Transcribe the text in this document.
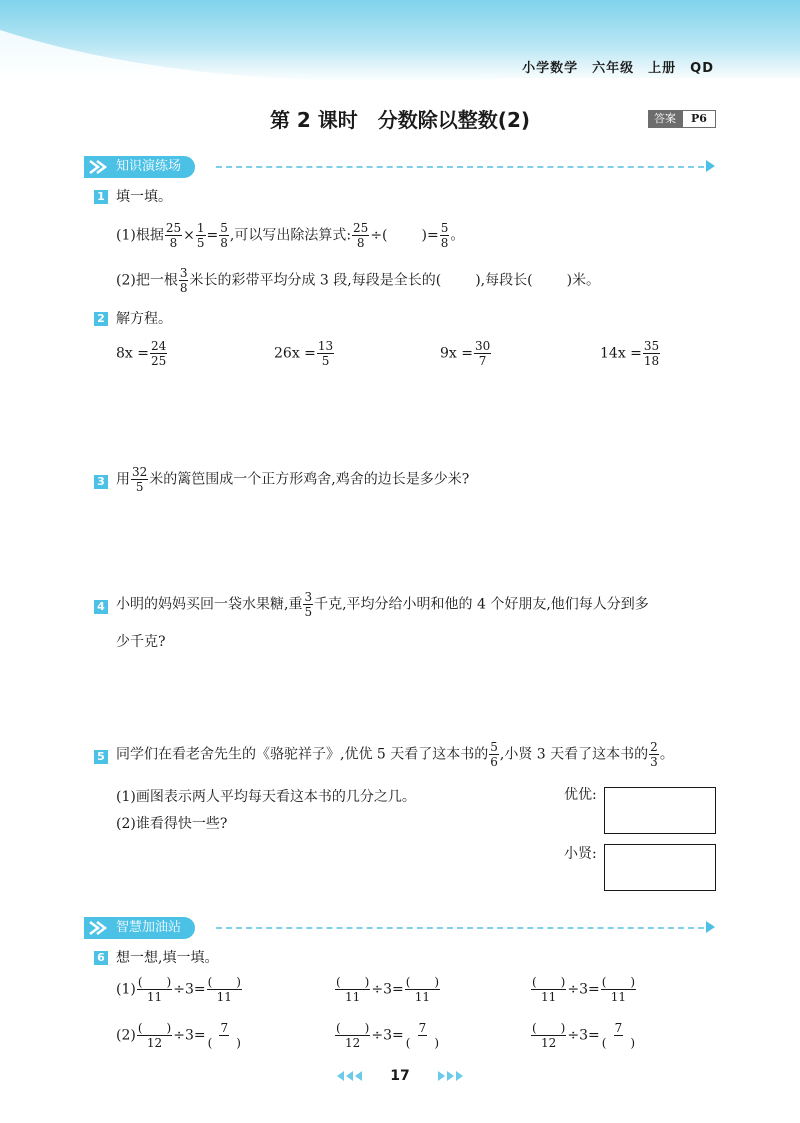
小学数学 六年级 上册 QD
第 2 课时　分数除以整数(2)	答案	P6
知识演练场
1 填一填。
(1)根据 $\frac{25}{8} \times \frac{1}{5} = \frac{5}{8}$ ,可以写出除法算式: $\frac{25}{8}$ ÷( )= $\frac{5}{8}$ 。
(2)把一根 $\frac{3}{8}$ 米长的彩带平均分成 3 段,每段是全长的( ),每段长( )米。
2 解方程。
$8x = \frac{24}{25}$	$26x = \frac{13}{5}$	$9x = \frac{30}{7}$	$14x = \frac{35}{18}$
3 用 $\frac{32}{5}$ 米的篱笆围成一个正方形鸡舍,鸡舍的边长是多少米?
4 小明的妈妈买回一袋水果糖,重 $\frac{3}{5}$ 千克,平均分给小明和他的 4 个好朋友,他们每人分到多
少千克?
5 同学们在看老舍先生的《骆驼祥子》,优优 5 天看了这本书的 $\frac{5}{6}$ ,小贤 3 天看了这本书的 $\frac{2}{3}$ 。
(1)画图表示两人平均每天看这本书的几分之几。
(2)谁看得快一些?
优优:
小贤:
智慧加油站
6 想一想,填一填。
$(1) \frac{( )}{11} \div 3= \frac{( )}{11}$	$\frac{( )}{11} \div 3= \frac{( )}{11}$	$\frac{( )}{11} \div 3= \frac{( )}{11}$
$(2) \frac{( )}{12} \div 3= \frac{7}{( )}$	$\frac{( )}{12} \div 3= \frac{7}{( )}$	$\frac{( )}{12} \div 3= \frac{7}{( )}$
17
